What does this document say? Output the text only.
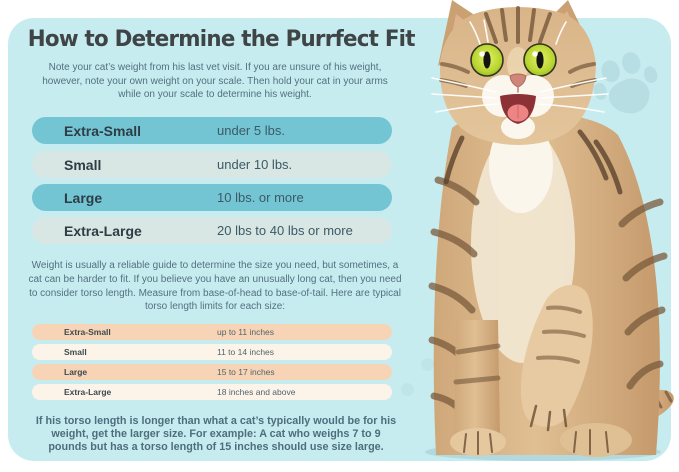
How to Determine the Purrfect Fit
Note your cat’s weight from his last vet visit. If you are unsure of his weight, however, note your own weight on your scale. Then hold your cat in your arms while on your scale to determine his weight.
Extra-Small	under 5 lbs.
Small	under 10 lbs.
Large	10 lbs. or more
Extra-Large	20 lbs to 40 lbs or more
Weight is usually a reliable guide to determine the size you need, but sometimes, a cat can be harder to fit. If you believe you have an unusually long cat, then you need to consider torso length. Measure from base-of-head to base-of-tail. Here are typical torso length limits for each size:
Extra-Small	up to 11 inches
Small	11 to 14 inches
Large	15 to 17 inches
Extra-Large	18 inches and above
If his torso length is longer than what a cat’s typically would be for his weight, get the larger size. For example: A cat who weighs 7 to 9 pounds but has a torso length of 15 inches should use size large.
